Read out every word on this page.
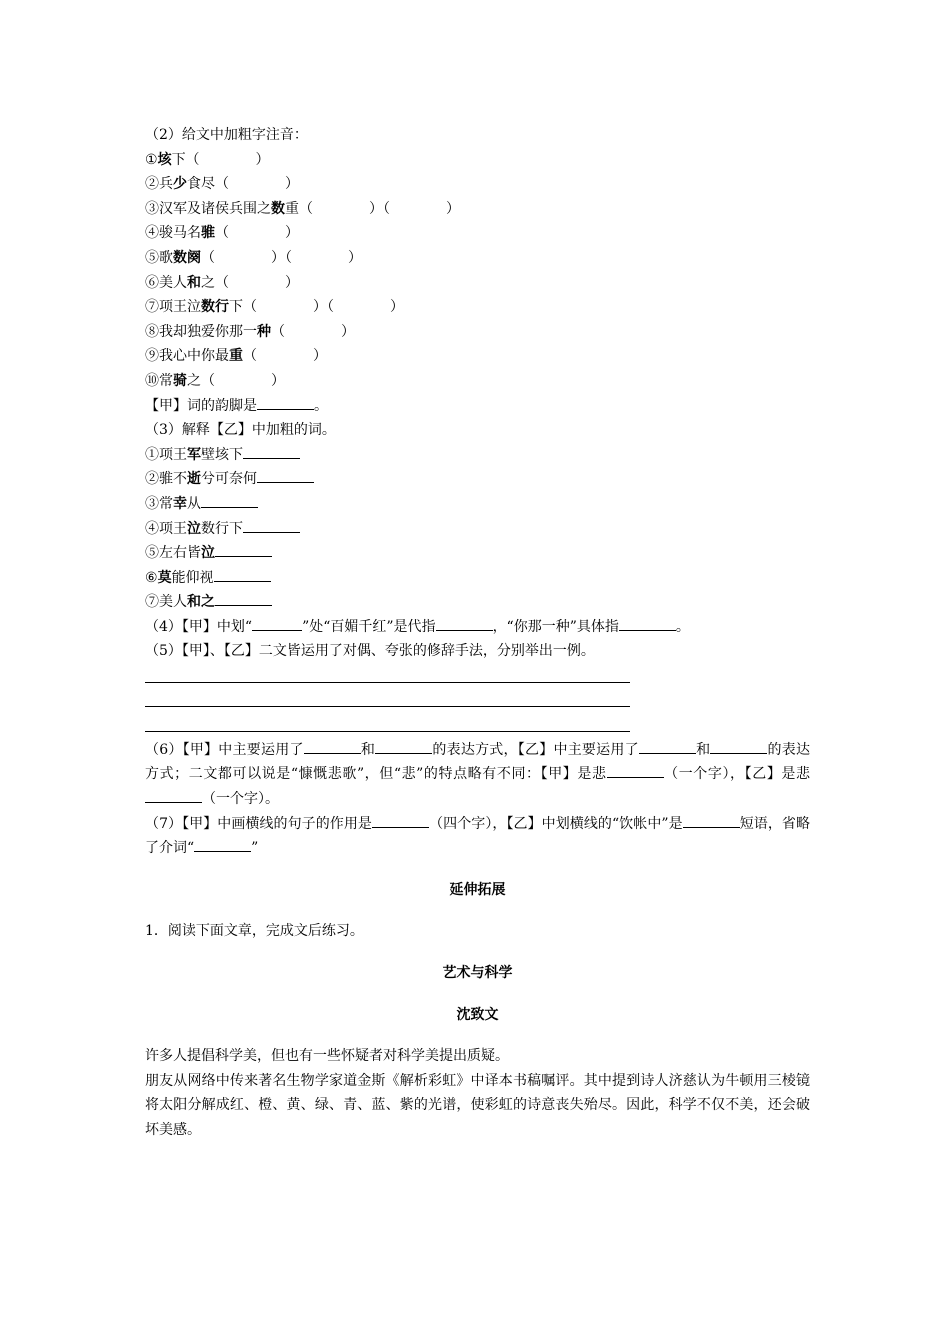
（2）给文中加粗字注音：
①垓下（　　　　）
②兵少食尽（　　　　）
③汉军及诸侯兵围之数重（　　　　）（　　　　）
④骏马名骓（　　　　）
⑤歌数阕（　　　　）（　　　　）
⑥美人和之（　　　　）
⑦项王泣数行下（　　　　）（　　　　）
⑧我却独爱你那一种（　　　　）
⑨我心中你最重（　　　　）
⑩常骑之（　　　　）
【甲】词的韵脚是	。
（3）解释【乙】中加粗的词。
①项王军壁垓下
②骓不逝兮可奈何
③常幸从
④项王泣数行下
⑤左右皆泣
⑥莫能仰视
⑦美人和之
（4）【甲】中划“	”处“百媚千红”是代指	，“你那一种”具体指	。
（5）【甲】、【乙】二文皆运用了对偶、夸张的修辞手法，分别举出一例。
（6）【甲】中主要运用了	和	的表达方式，【乙】中主要运用了	和	的表达方式；二文都可以说是“慷慨悲歌”，但“悲”的特点略有不同：【甲】是悲	（一个字），【乙】是悲（一个字）。
（7）【甲】中画横线的句子的作用是	（四个字），【乙】中划横线的“饮帐中”是	短语，省略了介词“	”
延伸拓展
1．阅读下面文章，完成文后练习。
艺术与科学
沈致文
许多人提倡科学美，但也有一些怀疑者对科学美提出质疑。
朋友从网络中传来著名生物学家道金斯《解析彩虹》中译本书稿嘱评。其中提到诗人济慈认为牛顿用三棱镜将太阳分解成红、橙、黄、绿、青、蓝、紫的光谱，使彩虹的诗意丧失殆尽。因此，科学不仅不美，还会破坏美感。
